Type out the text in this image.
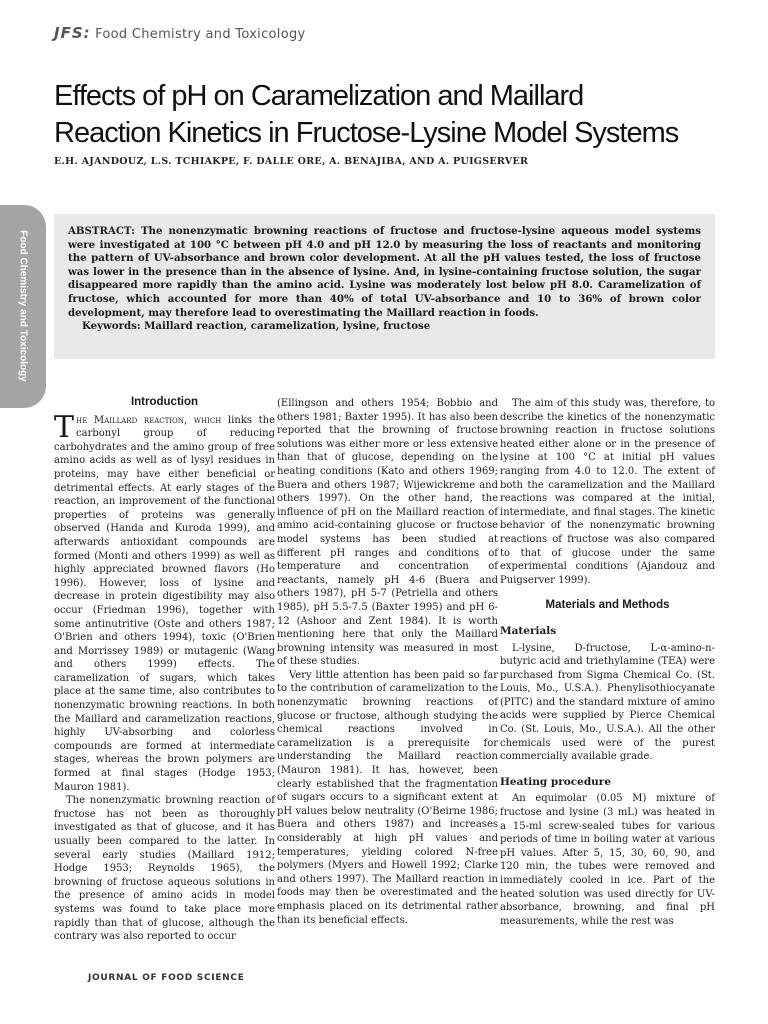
JFS: Food Chemistry and Toxicology
Effects of pH on Caramelization and Maillard
Reaction Kinetics in Fructose-Lysine Model Systems
E.H. AJANDOUZ, L.S. TCHIAKPE, F. DALLE ORE, A. BENAJIBA, AND A. PUIGSERVER
Food Chemistry and Toxicology	ABSTRACT: The nonenzymatic browning reactions of fructose and fructose-lysine aqueous model systems were investigated at 100 °C between pH 4.0 and pH 12.0 by measuring the loss of reactants and monitoring the pattern of UV-absorbance and brown color development. At all the pH values tested, the loss of fructose was lower in the presence than in the absence of lysine. And, in lysine-containing fructose solution, the sugar disappeared more rapidly than the amino acid. Lysine was moderately lost below pH 8.0. Caramelization of fructose, which accounted for more than 40% of total UV-absorbance and 10 to 36% of brown color development, may therefore lead to overestimating the Maillard reaction in foods.

Keywords: Maillard reaction, caramelization, lysine, fructose

Introduction

The Maillard reaction, which links the carbonyl group of reducing carbohydrates and the amino group of free amino acids as well as of lysyl residues in proteins, may have either beneficial or detrimental effects. At early stages of the reaction, an improvement of the functional properties of proteins was generally observed (Handa and Kuroda 1999), and afterwards antioxidant compounds are formed (Monti and others 1999) as well as highly appreciated browned flavors (Ho 1996). However, loss of lysine and decrease in protein digestibility may also occur (Friedman 1996), together with some antinutritive (Oste and others 1987; O'Brien and others 1994), toxic (O'Brien and Morrissey 1989) or mutagenic (Wang and others 1999) effects. The caramelization of sugars, which takes place at the same time, also contributes to nonenzymatic browning reactions. In both the Maillard and caramelization reactions, highly UV-absorbing and colorless compounds are formed at intermediate stages, whereas the brown polymers are formed at final stages (Hodge 1953; Mauron 1981).

The nonenzymatic browning reaction of fructose has not been as thoroughly investigated as that of glucose, and it has usually been compared to the latter. In several early studies (Maillard 1912; Hodge 1953; Reynolds 1965), the browning of fructose aqueous solutions in the presence of amino acids in model systems was found to take place more rapidly than that of glucose, although the contrary was also reported to occur

(Ellingson and others 1954; Bobbio and others 1981; Baxter 1995). It has also been reported that the browning of fructose solutions was either more or less extensive than that of glucose, depending on the heating conditions (Kato and others 1969; Buera and others 1987; Wijewickreme and others 1997). On the other hand, the influence of pH on the Maillard reaction of amino acid-containing glucose or fructose model systems has been studied at different pH ranges and conditions of temperature and concentration of reactants, namely pH 4-6 (Buera and others 1987), pH 5-7 (Petriella and others 1985), pH 5.5-7.5 (Baxter 1995) and pH 6-12 (Ashoor and Zent 1984). It is worth mentioning here that only the Maillard browning intensity was measured in most of these studies.

Very little attention has been paid so far to the contribution of caramelization to the nonenzymatic browning reactions of glucose or fructose, although studying the chemical reactions involved in caramelization is a prerequisite for understanding the Maillard reaction (Mauron 1981). It has, however, been clearly established that the fragmentation of sugars occurs to a significant extent at pH values below neutrality (O'Beirne 1986; Buera and others 1987) and increases considerably at high pH values and temperatures, yielding colored N-free polymers (Myers and Howell 1992; Clarke and others 1997). The Maillard reaction in foods may then be overestimated and the emphasis placed on its detrimental rather than its beneficial effects.

The aim of this study was, therefore, to describe the kinetics of the nonenzymatic browning reaction in fructose solutions heated either alone or in the presence of lysine at 100 °C at initial pH values ranging from 4.0 to 12.0. The extent of both the caramelization and the Maillard reactions was compared at the initial, intermediate, and final stages. The kinetic behavior of the nonenzymatic browning reactions of fructose was also compared to that of glucose under the same experimental conditions (Ajandouz and Puigserver 1999).

Materials and Methods
Materials

L-lysine, D-fructose, L-α-amino-n-butyric acid and triethylamine (TEA) were purchased from Sigma Chemical Co. (St. Louis, Mo., U.S.A.). Phenylisothiocyanate (PITC) and the standard mixture of amino acids were supplied by Pierce Chemical Co. (St. Louis, Mo., U.S.A.). All the other chemicals used were of the purest commercially available grade.

Heating procedure

An equimolar (0.05 M) mixture of fructose and lysine (3 mL) was heated in a 15-ml screw-sealed tubes for various periods of time in boiling water at various pH values. After 5, 15, 30, 60, 90, and 120 min, the tubes were removed and immediately cooled in ice. Part of the heated solution was used directly for UV-absorbance, browning, and final pH measurements, while the rest was

JOURNAL OF FOOD SCIENCE
